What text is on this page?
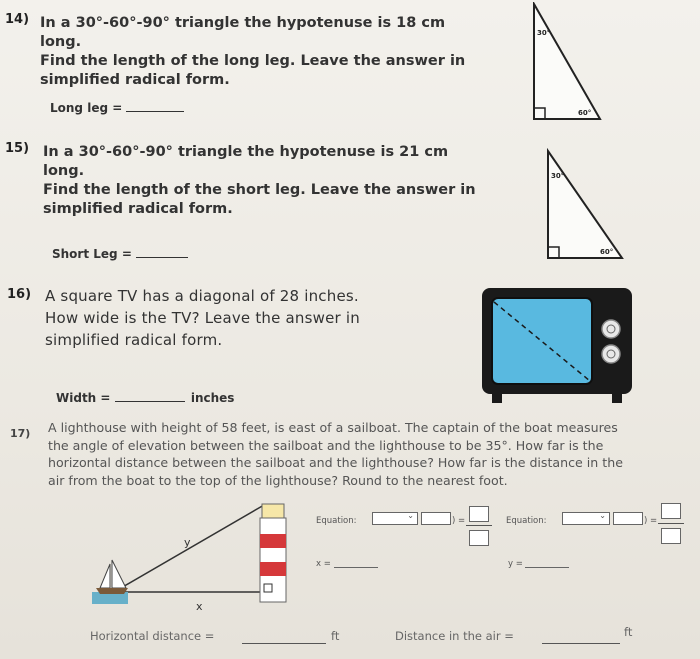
14) In a 30°-60°-90° triangle the hypotenuse is 18 cm long.
Find the length of the long leg. Leave the answer in
simplified radical form.
Long leg =
30°
60°
15) In a 30°-60°-90° triangle the hypotenuse is 21 cm long.
Find the length of the short leg. Leave the answer in
simplified radical form.
Short Leg =
30°
60°
16) A square TV has a diagonal of 28 inches.
How wide is the TV? Leave the answer in
simplified radical form.
Width =	inches
17) A lighthouse with height of 58 feet, is east of a sailboat. The captain of the boat measures
the angle of elevation between the sailboat and the lighthouse to be 35°. How far is the
horizontal distance between the sailboat and the lighthouse? How far is the distance in the
air from the boat to the top of the lighthouse? Round to the nearest foot.
y
x
Equation:
⌄
) =
x =
Equation:
⌄
) =
y =
Horizontal distance =	ft	Distance in the air =	ft
